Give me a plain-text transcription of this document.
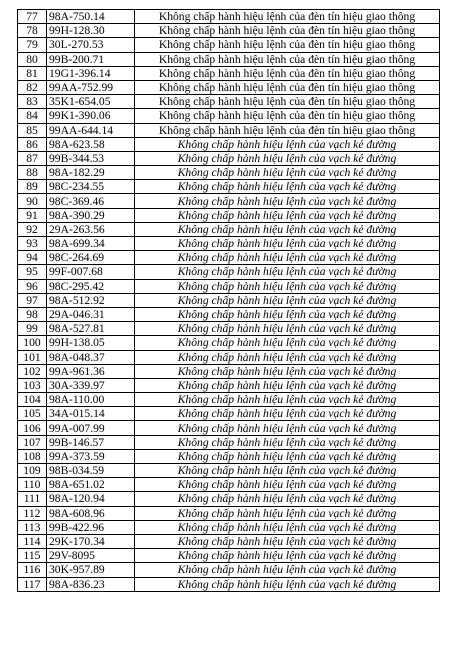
77	98A-750.14	Không chấp hành hiệu lệnh của đèn tín hiệu giao thông
78	99H-128.30	Không chấp hành hiệu lệnh của đèn tín hiệu giao thông
79	30L-270.53	Không chấp hành hiệu lệnh của đèn tín hiệu giao thông
80	99B-200.71	Không chấp hành hiệu lệnh của đèn tín hiệu giao thông
81	19G1-396.14	Không chấp hành hiệu lệnh của đèn tín hiệu giao thông
82	99AA-752.99	Không chấp hành hiệu lệnh của đèn tín hiệu giao thông
83	35K1-654.05	Không chấp hành hiệu lệnh của đèn tín hiệu giao thông
84	99K1-390.06	Không chấp hành hiệu lệnh của đèn tín hiệu giao thông
85	99AA-644.14	Không chấp hành hiệu lệnh của đèn tín hiệu giao thông
86	98A-623.58	Không chấp hành hiệu lệnh của vạch kẻ đường
87	99B-344.53	Không chấp hành hiệu lệnh của vạch kẻ đường
88	98A-182.29	Không chấp hành hiệu lệnh của vạch kẻ đường
89	98C-234.55	Không chấp hành hiệu lệnh của vạch kẻ đường
90	98C-369.46	Không chấp hành hiệu lệnh của vạch kẻ đường
91	98A-390.29	Không chấp hành hiệu lệnh của vạch kẻ đường
92	29A-263.56	Không chấp hành hiệu lệnh của vạch kẻ đường
93	98A-699.34	Không chấp hành hiệu lệnh của vạch kẻ đường
94	98C-264.69	Không chấp hành hiệu lệnh của vạch kẻ đường
95	99F-007.68	Không chấp hành hiệu lệnh của vạch kẻ đường
96	98C-295.42	Không chấp hành hiệu lệnh của vạch kẻ đường
97	98A-512.92	Không chấp hành hiệu lệnh của vạch kẻ đường
98	29A-046.31	Không chấp hành hiệu lệnh của vạch kẻ đường
99	98A-527.81	Không chấp hành hiệu lệnh của vạch kẻ đường
100	99H-138.05	Không chấp hành hiệu lệnh của vạch kẻ đường
101	98A-048.37	Không chấp hành hiệu lệnh của vạch kẻ đường
102	99A-961.36	Không chấp hành hiệu lệnh của vạch kẻ đường
103	30A-339.97	Không chấp hành hiệu lệnh của vạch kẻ đường
104	98A-110.00	Không chấp hành hiệu lệnh của vạch kẻ đường
105	34A-015.14	Không chấp hành hiệu lệnh của vạch kẻ đường
106	99A-007.99	Không chấp hành hiệu lệnh của vạch kẻ đường
107	99B-146.57	Không chấp hành hiệu lệnh của vạch kẻ đường
108	99A-373.59	Không chấp hành hiệu lệnh của vạch kẻ đường
109	98B-034.59	Không chấp hành hiệu lệnh của vạch kẻ đường
110	98A-651.02	Không chấp hành hiệu lệnh của vạch kẻ đường
111	98A-120.94	Không chấp hành hiệu lệnh của vạch kẻ đường
112	98A-608.96	Không chấp hành hiệu lệnh của vạch kẻ đường
113	99B-422.96	Không chấp hành hiệu lệnh của vạch kẻ đường
114	29K-170.34	Không chấp hành hiệu lệnh của vạch kẻ đường
115	29V-8095	Không chấp hành hiệu lệnh của vạch kẻ đường
116	30K-957.89	Không chấp hành hiệu lệnh của vạch kẻ đường
117	98A-836.23	Không chấp hành hiệu lệnh của vạch kẻ đường
